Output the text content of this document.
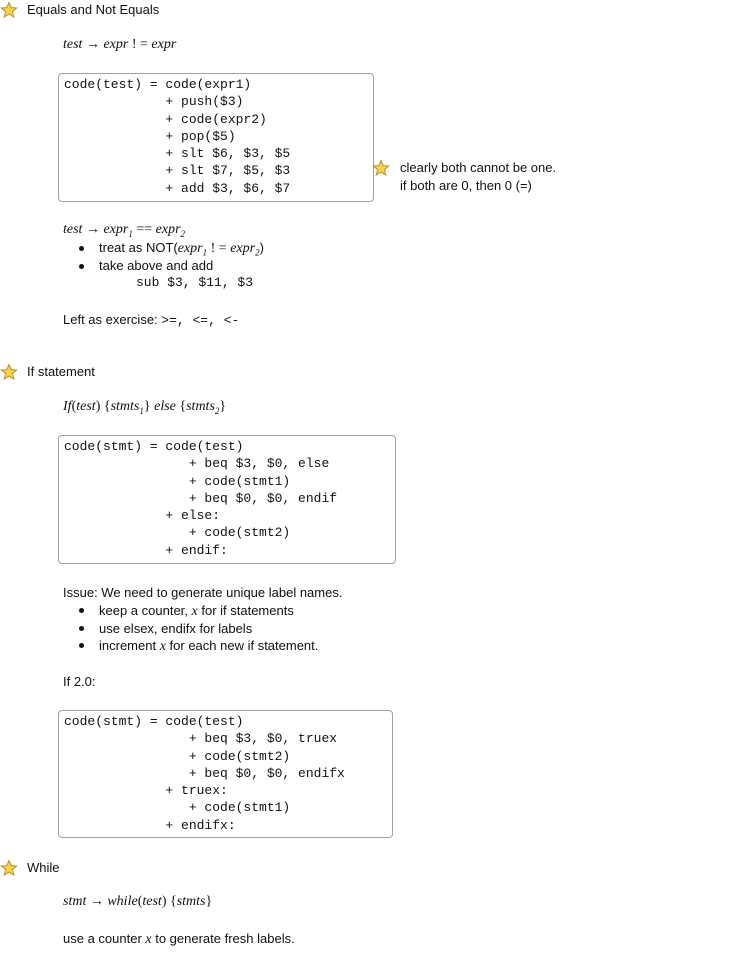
Equals and Not Equals
test → expr ! = expr
code(test) = code(expr1)
+ push($3)
+ code(expr2)
+ pop($5)
+ slt $6, $3, $5
+ slt $7, $5, $3
+ add $3, $6, $7
clearly both cannot be one.
if both are 0, then 0 (=)
test → expr$_1$ == expr$_2$
treat as NOT(expr$_1$ ! = expr$_2$)
take above and add
sub $3, $11, $3
Left as exercise: >=, <=, <-
If statement
If(test) {stmts$_1$} else {stmts$_2$}
code(stmt) = code(test)
+ beq $3, $0, else
+ code(stmt1)
+ beq $0, $0, endif
+ else:
+ code(stmt2)
+ endif:
Issue: We need to generate unique label names.
keep a counter, x for if statements
use elsex, endifx for labels
increment x for each new if statement.
If 2.0:
code(stmt) = code(test)
+ beq $3, $0, truex
+ code(stmt2)
+ beq $0, $0, endifx
+ truex:
+ code(stmt1)
+ endifx:
While
stmt → while(test) {stmts}
use a counter x to generate fresh labels.
